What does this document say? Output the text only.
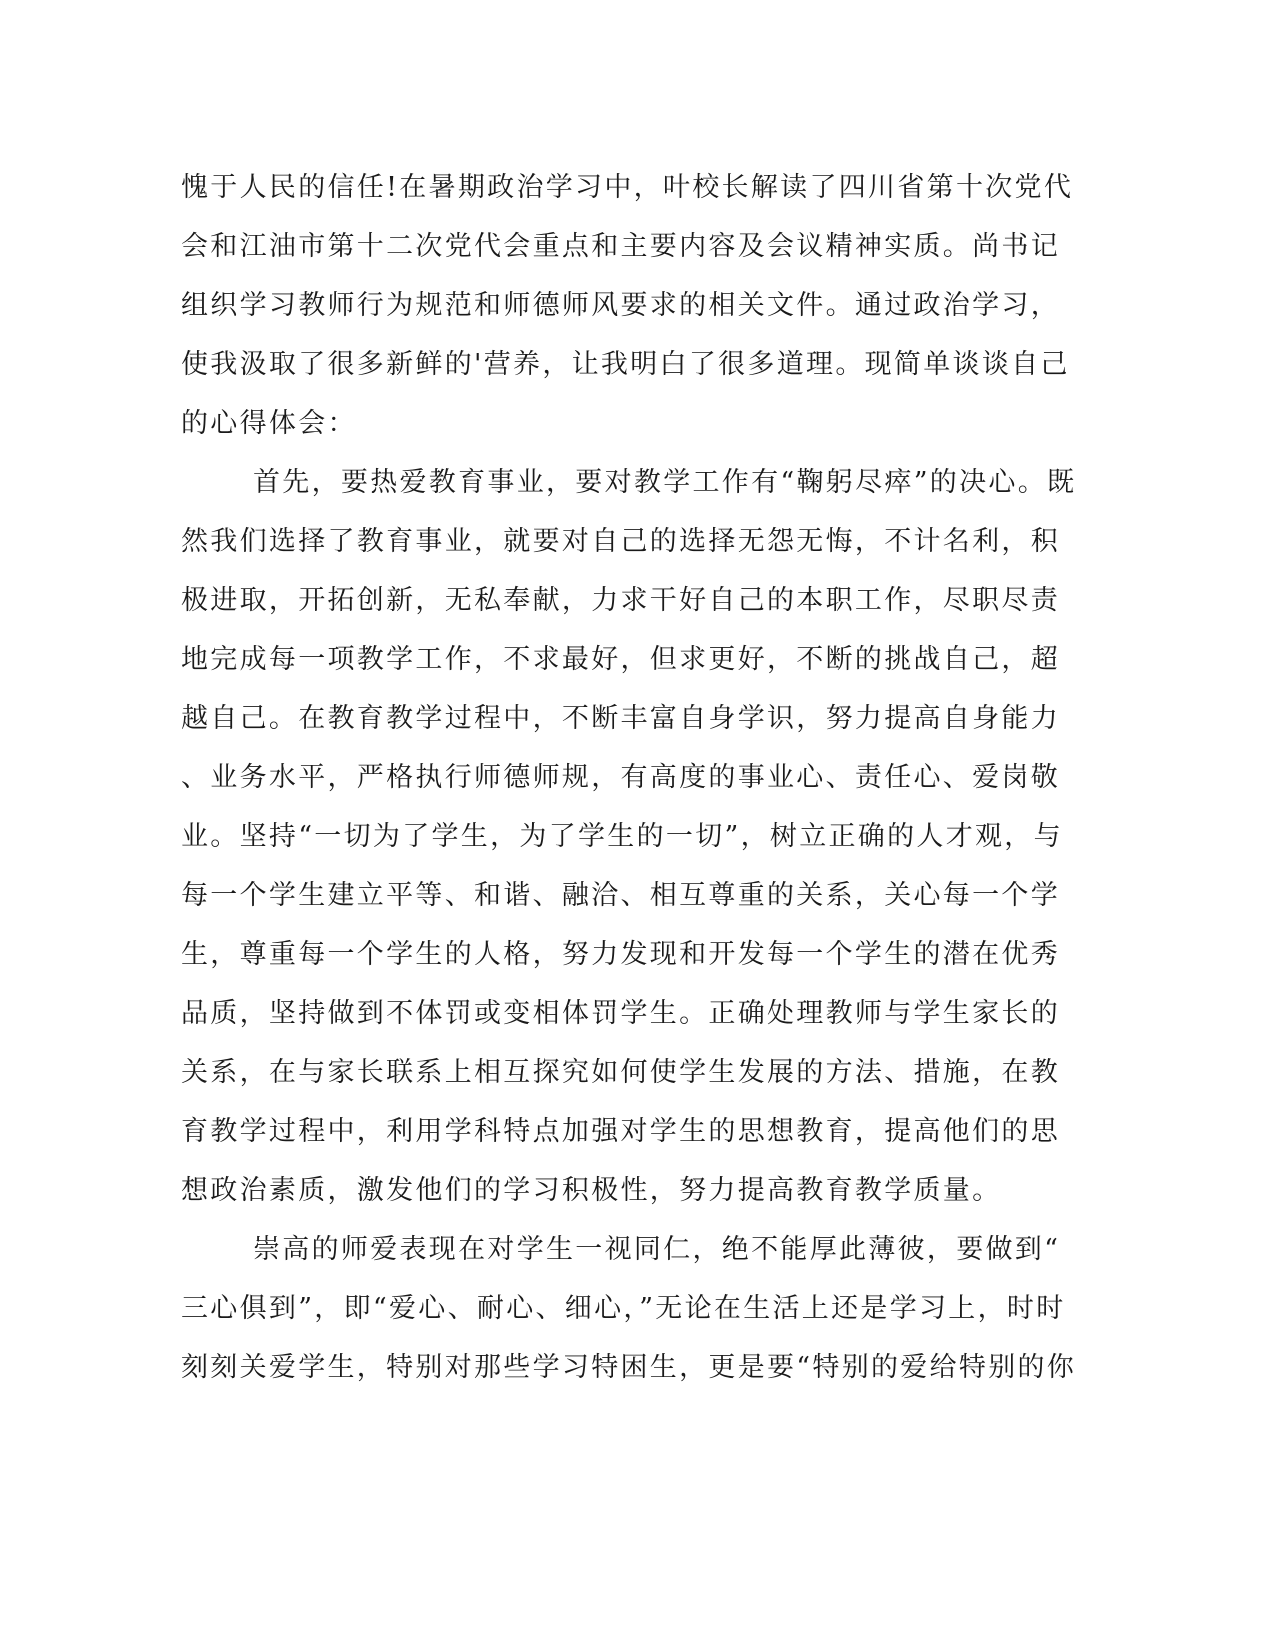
愧于人民的信任!在暑期政治学习中，叶校长解读了四川省第十次党代
会和江油市第十二次党代会重点和主要内容及会议精神实质。尚书记
组织学习教师行为规范和师德师风要求的相关文件。通过政治学习，
使我汲取了很多新鲜的'营养，让我明白了很多道理。现简单谈谈自己
的心得体会：
首先，要热爱教育事业，要对教学工作有“鞠躬尽瘁”的决心。既
然我们选择了教育事业，就要对自己的选择无怨无悔，不计名利，积
极进取，开拓创新，无私奉献，力求干好自己的本职工作，尽职尽责
地完成每一项教学工作，不求最好，但求更好，不断的挑战自己，超
越自己。在教育教学过程中，不断丰富自身学识，努力提高自身能力
、业务水平，严格执行师德师规，有高度的事业心、责任心、爱岗敬
业。坚持“一切为了学生，为了学生的一切”，树立正确的人才观，与
每一个学生建立平等、和谐、融洽、相互尊重的关系，关心每一个学
生，尊重每一个学生的人格，努力发现和开发每一个学生的潜在优秀
品质，坚持做到不体罚或变相体罚学生。正确处理教师与学生家长的
关系，在与家长联系上相互探究如何使学生发展的方法、措施，在教
育教学过程中，利用学科特点加强对学生的思想教育，提高他们的思
想政治素质，激发他们的学习积极性，努力提高教育教学质量。
崇高的师爱表现在对学生一视同仁，绝不能厚此薄彼，要做到“
三心俱到”，即“爱心、耐心、细心，”无论在生活上还是学习上，时时
刻刻关爱学生，特别对那些学习特困生，更是要“特别的爱给特别的你
